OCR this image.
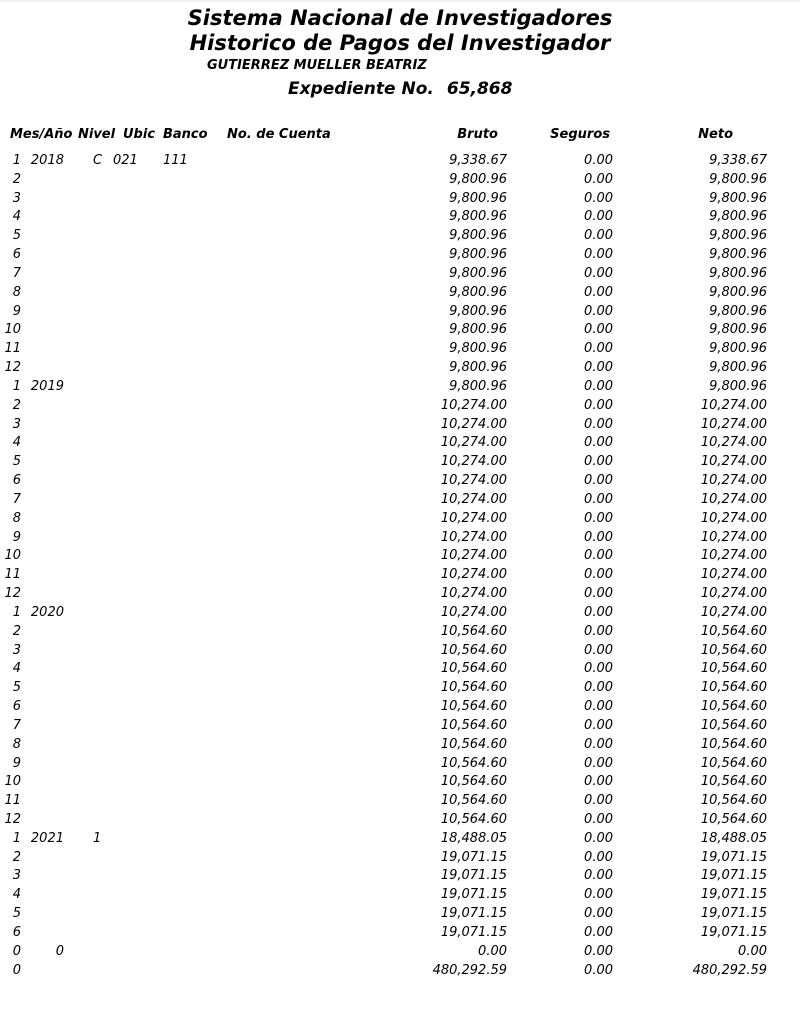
Sistema Nacional de Investigadores
Historico de Pagos del Investigador
GUTIERREZ MUELLER BEATRIZ
Expediente No. 65,868
Mes/Año Nivel Ubic Banco No. de Cuenta	Bruto	Seguros	Neto
1 2018 C 021 111	9,338.67	0.00	9,338.67
2	9,800.96	0.00	9,800.96
3	9,800.96	0.00	9,800.96
4	9,800.96	0.00	9,800.96
5	9,800.96	0.00	9,800.96
6	9,800.96	0.00	9,800.96
7	9,800.96	0.00	9,800.96
8	9,800.96	0.00	9,800.96
9	9,800.96	0.00	9,800.96
10	9,800.96	0.00	9,800.96
11	9,800.96	0.00	9,800.96
12	9,800.96	0.00	9,800.96
1 2019	9,800.96	0.00	9,800.96
2	10,274.00	0.00	10,274.00
3	10,274.00	0.00	10,274.00
4	10,274.00	0.00	10,274.00
5	10,274.00	0.00	10,274.00
6	10,274.00	0.00	10,274.00
7	10,274.00	0.00	10,274.00
8	10,274.00	0.00	10,274.00
9	10,274.00	0.00	10,274.00
10	10,274.00	0.00	10,274.00
11	10,274.00	0.00	10,274.00
12	10,274.00	0.00	10,274.00
1 2020	10,274.00	0.00	10,274.00
2	10,564.60	0.00	10,564.60
3	10,564.60	0.00	10,564.60
4	10,564.60	0.00	10,564.60
5	10,564.60	0.00	10,564.60
6	10,564.60	0.00	10,564.60
7	10,564.60	0.00	10,564.60
8	10,564.60	0.00	10,564.60
9	10,564.60	0.00	10,564.60
10	10,564.60	0.00	10,564.60
11	10,564.60	0.00	10,564.60
12	10,564.60	0.00	10,564.60
1 2021 1	18,488.05	0.00	18,488.05
2	19,071.15	0.00	19,071.15
3	19,071.15	0.00	19,071.15
4	19,071.15	0.00	19,071.15
5	19,071.15	0.00	19,071.15
6	19,071.15	0.00	19,071.15
0	0	0.00	0.00	0.00
0	480,292.59	0.00	480,292.59
